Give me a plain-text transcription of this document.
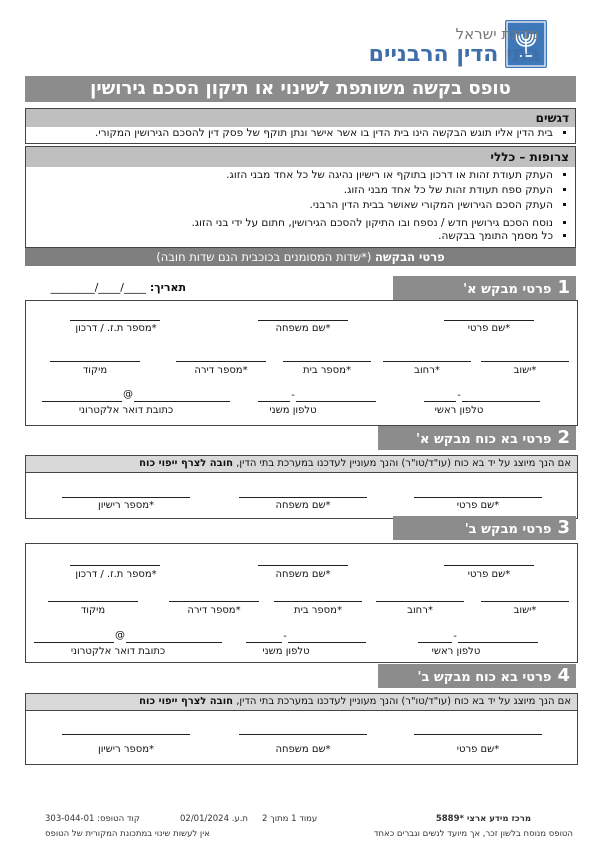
מדינת ישראל
בתי הדין הרבניים
טופס בקשה משותפת לשינוי או תיקון הסכם גירושין
דגשים
▪ בית הדין אליו תוגש הבקשה הינו בית הדין בו אשר אישר ונתן תוקף של פסק דין להסכם הגירושין המקורי.
צרופות – כללי
▪ העתק תעודת זהות או דרכון בתוקף או רישיון נהיגה של כל אחד מבני הזוג.
▪ העתק ספח תעודת זהות של כל אחד מבני הזוג.
▪ העתק הסכם הגירושין המקורי שאושר בבית הדין הרבני.
▪ נוסח הסכם גירושין חדש / נספח ובו התיקון להסכם הגירושין, חתום על ידי בני הזוג.
▪ כל מסמך התומך בבקשה.
פרטי הבקשה (*שדות המסומנים בכוכבית הנם שדות חובה)
תאריך: ____/____/________	1פרטי מבקש א'
*שם פרטי
*שם משפחה
*מספר ת.ז. / דרכון
*ישוב
*רחוב
*מספר בית
*מספר דירה
מיקוד
-
טלפון ראשי
-
טלפון משני
@
כתובת דואר אלקטרוני
2פרטי בא כוח מבקש א'
אם הנך מיוצג על יד בא כוח (עו"ד/טו"ר) והנך מעוניין לעדכנו במערכת בתי הדין, חובה לצרף ייפוי כוח
*שם פרטי
*שם משפחה
*מספר רישיון
3פרטי מבקש ב'
*שם פרטי
*שם משפחה
*מספר ת.ז. / דרכון
*ישוב
*רחוב
*מספר בית
*מספר דירה
מיקוד
-
טלפון ראשי
-
טלפון משני
@
כתובת דואר אלקטרוני
4פרטי בא כוח מבקש ב'
אם הנך מיוצג על יד בא כוח (עו"ד/טו"ר) והנך מעוניין לעדכנו במערכת בתי הדין, חובה לצרף ייפוי כוח
*שם פרטי
*שם משפחה
*מספר רישיון
מרכז מידע ארצי *5889
עמוד 1 מתוך 2
ת.ע. 02/01/2024
קוד הטופס: 303-044-01
הטופס מנוסח בלשון זכר, אך מיועד לנשים וגברים כאחד
אין לעשות שינוי במתכונת המקורית של הטופס
